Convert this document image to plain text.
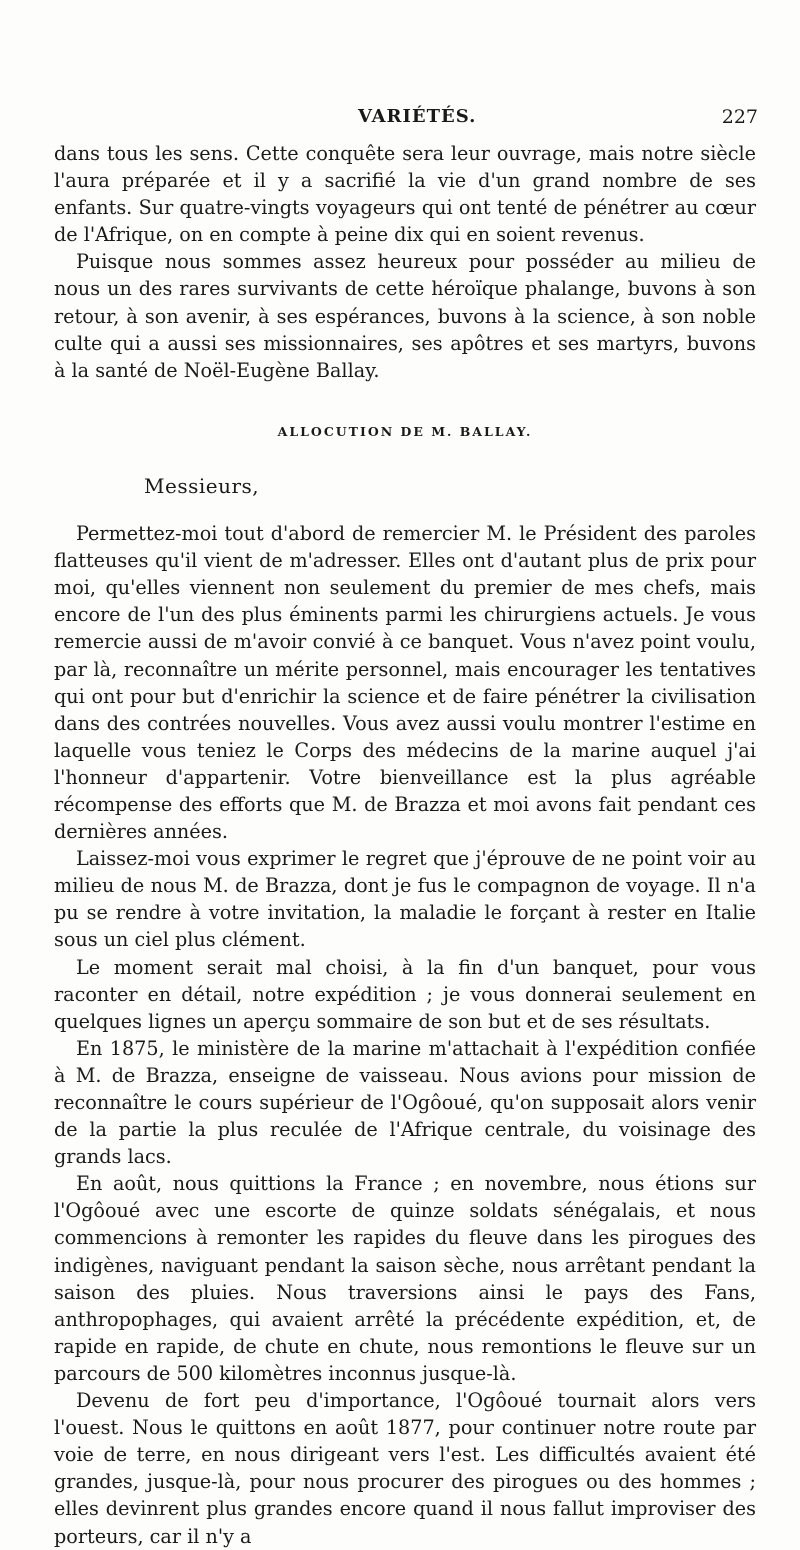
VARIÉTÉS.	227

dans tous les sens. Cette conquête sera leur ouvrage, mais notre siècle l'aura préparée et il y a sacrifié la vie d'un grand nombre de ses enfants. Sur quatre-vingts voyageurs qui ont tenté de pénétrer au cœur de l'Afrique, on en compte à peine dix qui en soient revenus.

Puisque nous sommes assez heureux pour posséder au milieu de nous un des rares survivants de cette héroïque phalange, buvons à son retour, à son avenir, à ses espérances, buvons à la science, à son noble culte qui a aussi ses missionnaires, ses apôtres et ses martyrs, buvons à la santé de Noël-Eugène Ballay.

ALLOCUTION DE M. BALLAY.

Messieurs,

Permettez-moi tout d'abord de remercier M. le Président des paroles flatteuses qu'il vient de m'adresser. Elles ont d'autant plus de prix pour moi, qu'elles viennent non seulement du premier de mes chefs, mais encore de l'un des plus éminents parmi les chirurgiens actuels. Je vous remercie aussi de m'avoir convié à ce banquet. Vous n'avez point voulu, par là, reconnaître un mérite personnel, mais encourager les tentatives qui ont pour but d'enrichir la science et de faire pénétrer la civilisation dans des contrées nouvelles. Vous avez aussi voulu montrer l'estime en laquelle vous teniez le Corps des médecins de la marine auquel j'ai l'honneur d'appartenir. Votre bienveillance est la plus agréable récompense des efforts que M. de Brazza et moi avons fait pendant ces dernières années.

Laissez-moi vous exprimer le regret que j'éprouve de ne point voir au milieu de nous M. de Brazza, dont je fus le compagnon de voyage. Il n'a pu se rendre à votre invitation, la maladie le forçant à rester en Italie sous un ciel plus clément.

Le moment serait mal choisi, à la fin d'un banquet, pour vous raconter en détail, notre expédition ; je vous donnerai seulement en quelques lignes un aperçu sommaire de son but et de ses résultats.

En 1875, le ministère de la marine m'attachait à l'expédition confiée à M. de Brazza, enseigne de vaisseau. Nous avions pour mission de reconnaître le cours supérieur de l'Ogôoué, qu'on supposait alors venir de la partie la plus reculée de l'Afrique centrale, du voisinage des grands lacs.

En août, nous quittions la France ; en novembre, nous étions sur l'Ogôoué avec une escorte de quinze soldats sénégalais, et nous commencions à remonter les rapides du fleuve dans les pirogues des indigènes, naviguant pendant la saison sèche, nous arrêtant pendant la saison des pluies. Nous traversions ainsi le pays des Fans, anthropophages, qui avaient arrêté la précédente expédition, et, de rapide en rapide, de chute en chute, nous remontions le fleuve sur un parcours de 500 kilomètres inconnus jusque-là.

Devenu de fort peu d'importance, l'Ogôoué tournait alors vers l'ouest. Nous le quittons en août 1877, pour continuer notre route par voie de terre, en nous dirigeant vers l'est. Les difficultés avaient été grandes, jusque-là, pour nous procurer des pirogues ou des hommes ; elles devinrent plus grandes encore quand il nous fallut improviser des porteurs, car il n'y a
